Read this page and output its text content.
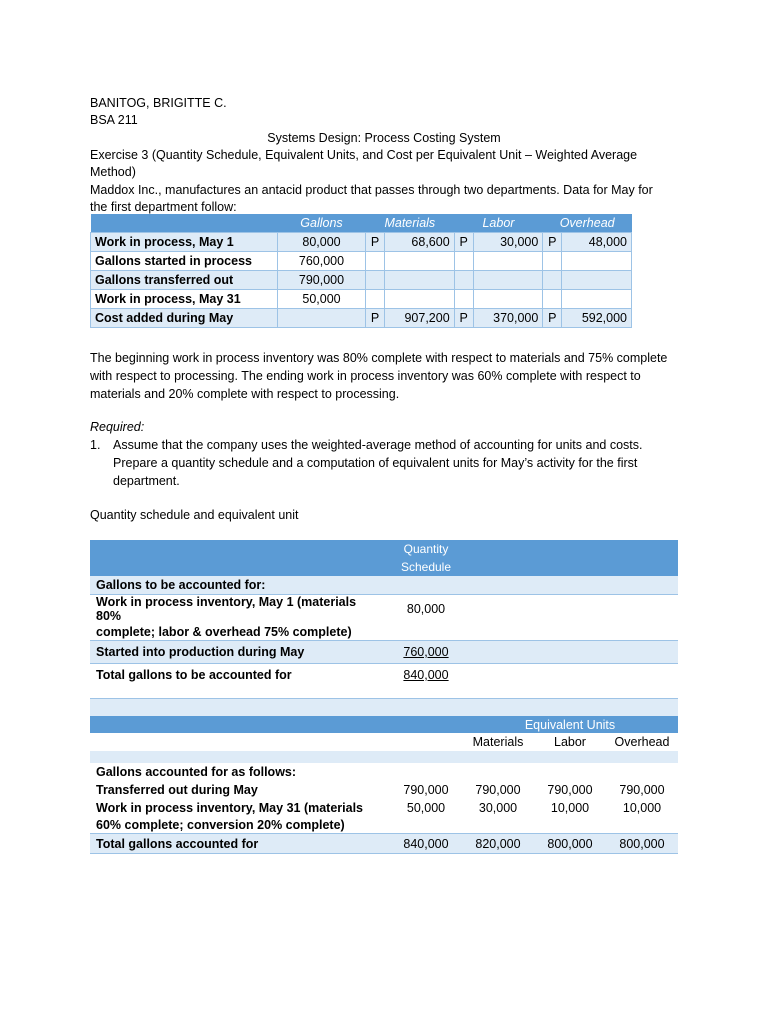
BANITOG, BRIGITTE C.
BSA 211
Systems Design: Process Costing System
Exercise 3 (Quantity Schedule, Equivalent Units, and Cost per Equivalent Unit – Weighted Average
Method)
Maddox Inc., manufactures an antacid product that passes through two departments. Data for May for
the first department follow:
	Gallons	Materials		Labor		Overhead	
Work in process, May 1	80,000	P	68,600	P	30,000	P	48,000
Gallons started in process	760,000						
Gallons transferred out	790,000						
Work in process, May 31	50,000						
Cost added during May		P	907,200	P	370,000	P	592,000
The beginning work in process inventory was 80% complete with respect to materials and 75% complete
with respect to processing. The ending work in process inventory was 60% complete with respect to
materials and 20% complete with respect to processing.
Required:
1. Assume that the company uses the weighted-average method of accounting for units and costs.
Prepare a quantity schedule and a computation of equivalent units for May’s activity for the first
department.
Quantity schedule and equivalent unit
	Quantity			
	Schedule			
Gallons to be accounted for:				
Work in process inventory, May 1 (materials 80%	80,000			
complete; labor & overhead 75% complete)				
Started into production during May	760,000			
Total gallons to be accounted for	840,000			

		Equivalent Units		
		Materials	Labor	Overhead

Gallons accounted for as follows:				
Transferred out during May	790,000	790,000	790,000	790,000
Work in process inventory, May 31 (materials	50,000	30,000	10,000	10,000
60% complete; conversion 20% complete)				
Total gallons accounted for	840,000	820,000	800,000	800,000
